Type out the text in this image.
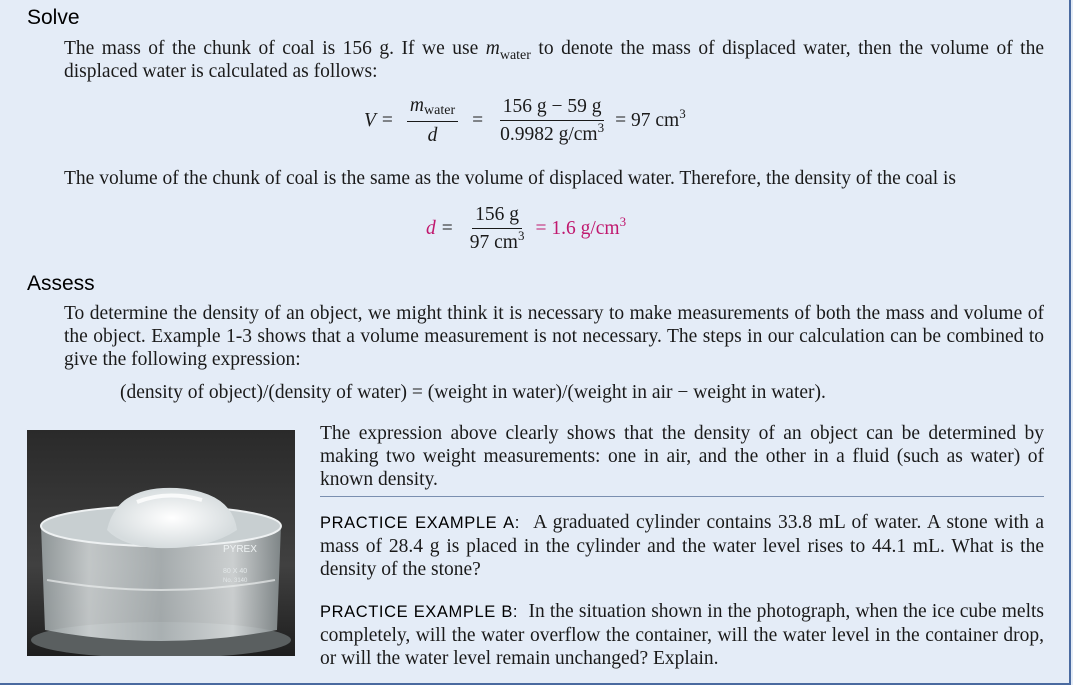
Solve
The mass of the chunk of coal is 156 g. If we use $m_{water}$ to denote the mass of displaced water, then the volume of the displaced water is calculated as follows:
$V = \frac{\text{mwater}}{d} = \frac{156 g - 59 g}{0.9982 g/cm^3} = 97$ $cm^3$
The volume of the chunk of coal is the same as the volume of displaced water. Therefore, the density of the coal is
$d = \frac{156 g}{97 cm^3} = 1.6$ $g/cm^3$
Assess
To determine the density of an object, we might think it is necessary to make measurements of both the mass and volume of the object. Example 1-3 shows that a volume measurement is not necessary. The steps in our calculation can be combined to give the following expression:
(density of object)/(density of water) = (weight in water)/(weight in air − weight in water).
PYREX
80 X 40
No. 3140
The expression above clearly shows that the density of an object can be determined by making two weight measurements: one in air, and the other in a fluid (such as water) of known density.
PRACTICE EXAMPLE A: A graduated cylinder contains 33.8 mL of water. A stone with a mass of 28.4 g is placed in the cylinder and the water level rises to 44.1 mL. What is the density of the stone?
PRACTICE EXAMPLE B: In the situation shown in the photograph, when the ice cube melts completely, will the water overflow the container, will the water level in the container drop, or will the water level remain unchanged? Explain.
